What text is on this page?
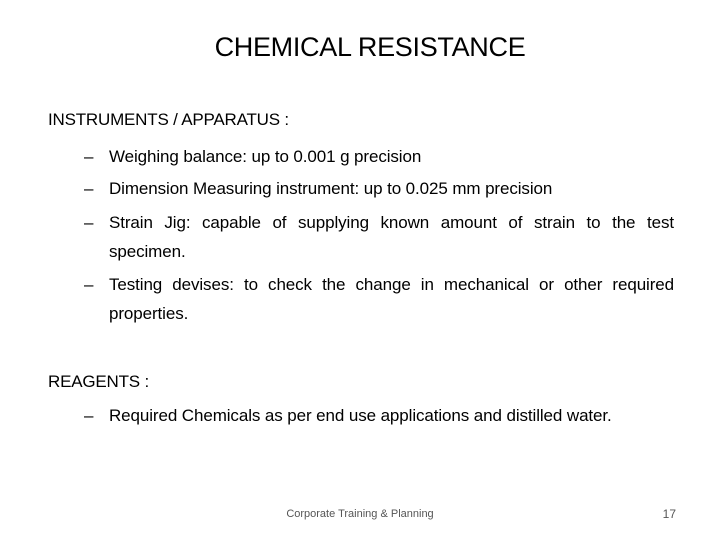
CHEMICAL RESISTANCE
INSTRUMENTS / APPARATUS :
– Weighing balance: up to 0.001 g precision
– Dimension Measuring instrument: up to 0.025 mm precision
– Strain Jig: capable of supplying known amount of strain to the test specimen.
– Testing devises: to check the change in mechanical or other required properties.
REAGENTS :
– Required Chemicals as per end use applications and distilled water.
Corporate Training & Planning	17
